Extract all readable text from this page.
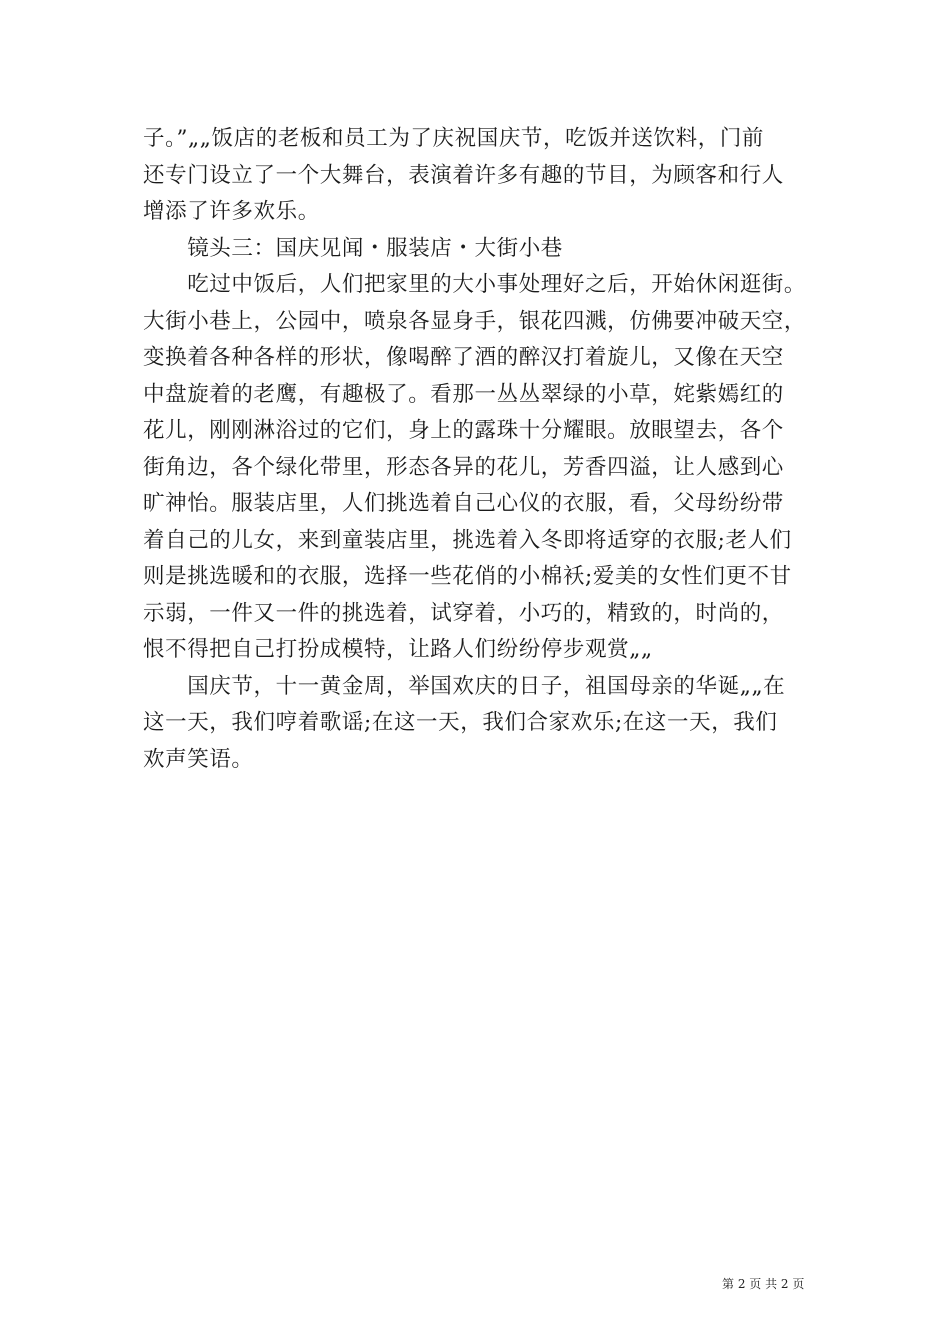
子。”„„饭店的老板和员工为了庆祝国庆节，吃饭并送饮料，门前
还专门设立了一个大舞台，表演着许多有趣的节目，为顾客和行人
增添了许多欢乐。
　　镜头三：国庆见闻・服装店・大街小巷
　　吃过中饭后，人们把家里的大小事处理好之后，开始休闲逛街。
大街小巷上，公园中，喷泉各显身手，银花四溅，仿佛要冲破天空，
变换着各种各样的形状，像喝醉了酒的醉汉打着旋儿，又像在天空
中盘旋着的老鹰，有趣极了。看那一丛丛翠绿的小草，姹紫嫣红的
花儿，刚刚淋浴过的它们，身上的露珠十分耀眼。放眼望去，各个
街角边，各个绿化带里，形态各异的花儿，芳香四溢，让人感到心
旷神怡。服装店里，人们挑选着自己心仪的衣服，看，父母纷纷带
着自己的儿女，来到童装店里，挑选着入冬即将适穿的衣服;老人们
则是挑选暖和的衣服，选择一些花俏的小棉袄;爱美的女性们更不甘
示弱，一件又一件的挑选着，试穿着，小巧的，精致的，时尚的，
恨不得把自己打扮成模特，让路人们纷纷停步观赏„„
　　国庆节，十一黄金周，举国欢庆的日子，祖国母亲的华诞„„在
这一天，我们哼着歌谣;在这一天，我们合家欢乐;在这一天，我们
欢声笑语。
第 2 页 共 2 页
